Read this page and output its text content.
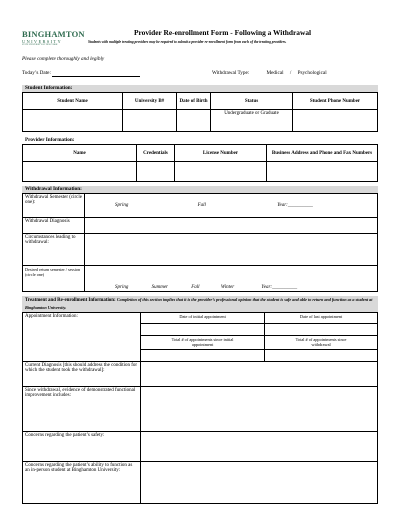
BINGHAMTON
UNIVERSITY
STATE UNIVERSITY OF NEW YORK
Provider Re-enrollment Form - Following a Withdrawal
Students with multiple treating providers may be required to submit a provider re-enrollment form from each of the treating providers.
Please complete thoroughly and legibly
Today’s Date:	Withdrawal Type:	Medical / Psychological
Student Information:
Student Name	University B#	Date of Birth	Status	Student Phone Number
			Undergraduate or Graduate	
Provider Information:
Name	Credentials	License Number	Business Address and Phone and Fax Numbers

Withdrawal Information:
Withdrawal Semester (circle one):	Spring Fall Year:__________
Withdrawal Diagnosis	
Circumstances leading to withdrawal:	
Desired return semester / session (circle one)	Spring Summer Fall Winter Year:__________
Treatment and Re-enrollment Information: Completion of this section implies that it is the provider’s professional opinion that the student is safe and able to return and function as a student at Binghamton University.
Appointment Information:	Date of initial appointment	Date of last appointment

	Total # of appointments since initial appointment	Total # of appointments since withdrawal

Current Diagnosis [this should address the condition for which the student took the withdrawal]:		
Since withdrawal, evidence of demonstrated functional improvement includes:		
Concerns regarding the patient’s safety:		
Concerns regarding the patient’s ability to function as an in-person student at Binghamton University:		
